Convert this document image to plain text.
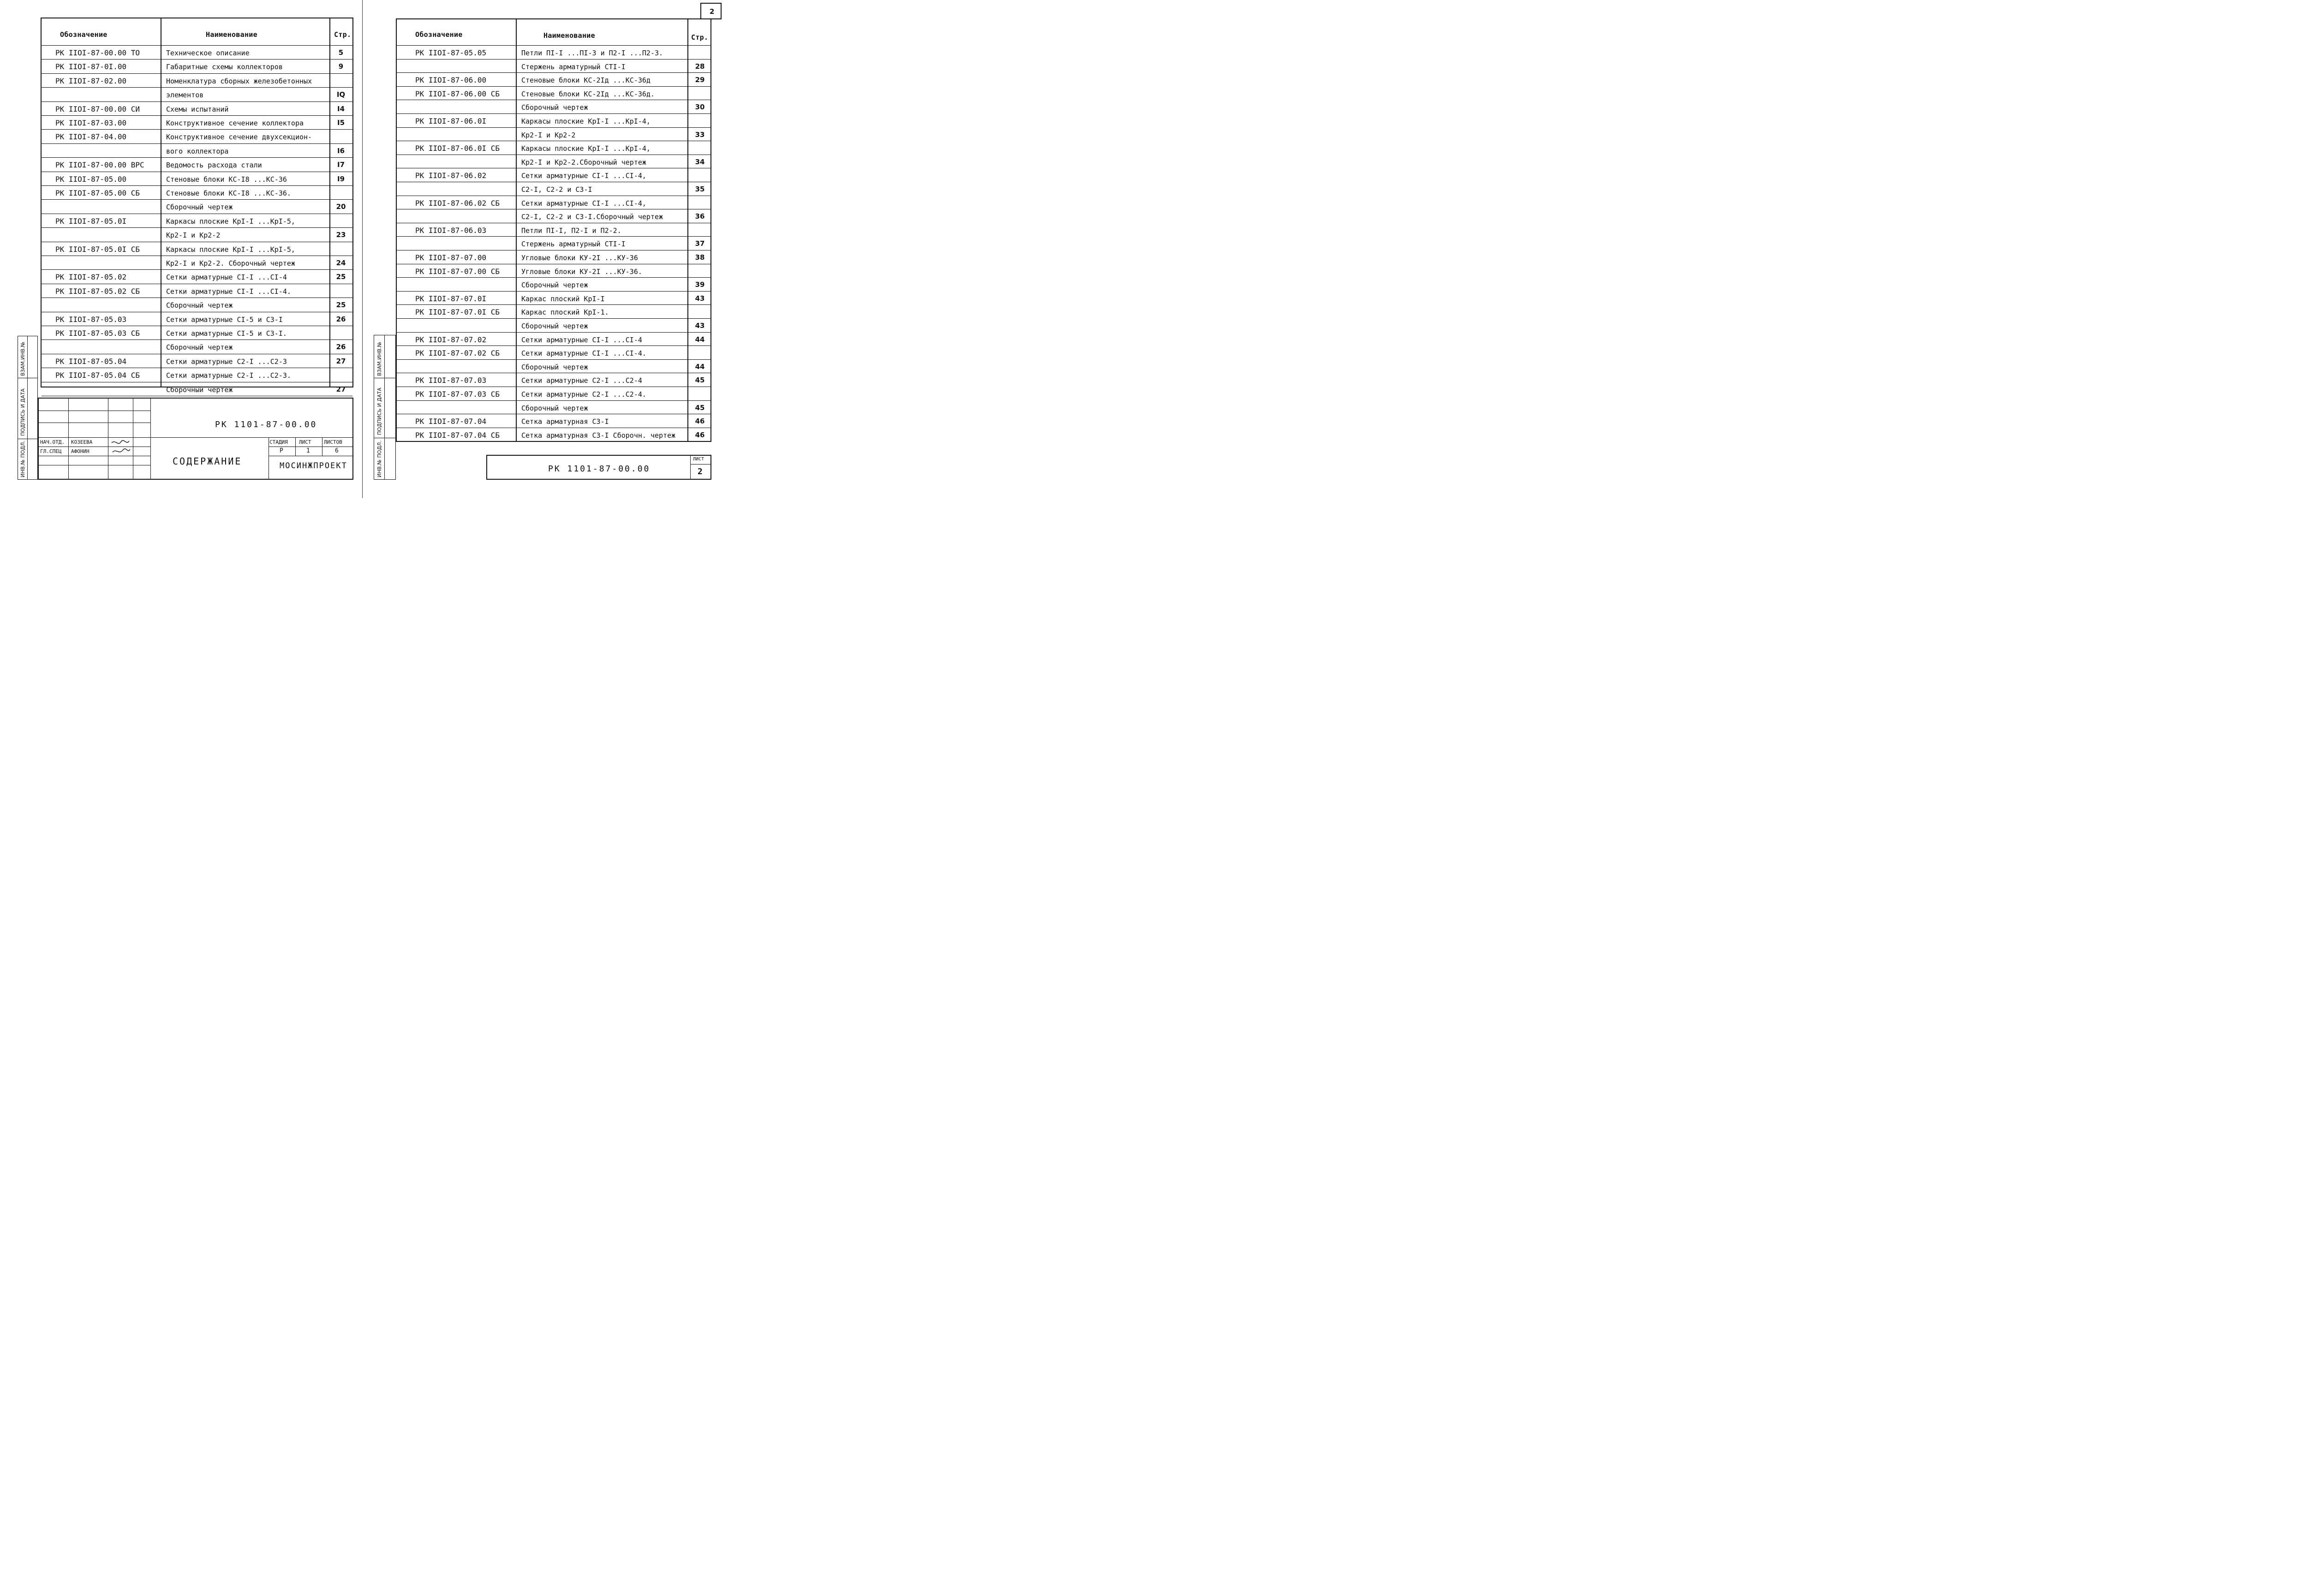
Обозначение	Наименование	Стр.
РК IIOI-87-00.00 ТО	Техническое описание	5
РК IIOI-87-0I.00	Габаритные схемы коллекторов	9
РК IIOI-87-02.00	Номенклатура сборных железобетонных
элементов	IQ
РК IIOI-87-00.00 СИ	Схемы испытаний	I4
РК IIOI-87-03.00	Конструктивное сечение коллектора	I5
РК IIOI-87-04.00	Конструктивное сечение двухсекцион-
вого коллектора	I6
РК IIOI-87-00.00 ВРС	Ведомость расхода стали	I7
РК IIOI-87-05.00	Стеновые блоки КС-I8 ...КС-36	I9
РК IIOI-87-05.00 СБ	Стеновые блоки КС-I8 ...КС-36.
Сборочный чертеж	20
РК IIOI-87-05.0I	Каркасы плоские КрI-I ...КрI-5,
Кр2-I и Кр2-2	23
РК IIOI-87-05.0I СБ	Каркасы плоские КрI-I ...КрI-5,
Кр2-I и Кр2-2. Сборочный чертеж	24
РК IIOI-87-05.02	Сетки арматурные СI-I ...СI-4	25
РК IIOI-87-05.02 СБ	Сетки арматурные СI-I ...СI-4.
Сборочный чертеж	25
РК IIOI-87-05.03	Сетки арматурные СI-5 и С3-I	26
РК IIOI-87-05.03 СБ	Сетки арматурные СI-5 и С3-I.
Сборочный чертеж	26
РК IIOI-87-05.04	Сетки арматурные С2-I ...С2-3	27
РК IIOI-87-05.04 СБ	Сетки арматурные С2-I ...С2-3.
Сборочный чертеж	27
ВЗАМ.ИНВ.№
ПОДПИСЬ И ДАТА
ИНВ.№ ПОДЛ.
РК 1101-87-00.00
НАЧ.ОТД. КОЗЕЕВА
ГЛ.СПЕЦ АФОНИН
СОДЕРЖАНИЕ
СТАДИЯ ЛИСТ	ЛИСТОВ
Р	1	6
МОСИНЖПРОЕКТ
2
Обозначение	Наименование	Стр.
РК IIOI-87-05.05	Петли ПI-I ...ПI-3 и П2-I ...П2-3.
Стержень арматурный СТI-I	28
РК IIOI-87-06.00	Стеновые блоки КС-2Iд ...КС-36д	29
РК IIOI-87-06.00 СБ	Стеновые блоки КС-2Iд ...КС-36д.
Сборочный чертеж	30
РК IIOI-87-06.0I	Каркасы плоские КрI-I ...КрI-4,
Кр2-I и Кр2-2	33
РК IIOI-87-06.0I СБ	Каркасы плоские КрI-I ...КрI-4,
Кр2-I и Кр2-2.Сборочный чертеж	34
РК IIOI-87-06.02	Сетки арматурные СI-I ...СI-4,
С2-I, С2-2 и С3-I	35
РК IIOI-87-06.02 СБ	Сетки арматурные СI-I ...СI-4,
С2-I, С2-2 и С3-I.Сборочный чертеж	36
РК IIOI-87-06.03	Петли ПI-I, П2-I и П2-2.
Стержень арматурный СТI-I	37
РК IIOI-87-07.00	Угловые блоки КУ-2I ...КУ-36	38
РК IIOI-87-07.00 СБ	Угловые блоки КУ-2I ...КУ-36.
Сборочный чертеж	39
РК IIOI-87-07.0I	Каркас плоский КрI-I	43
РК IIOI-87-07.0I СБ	Каркас плоский КрI-1.
Сборочный чертеж	43
РК IIOI-87-07.02	Сетки арматурные СI-I ...СI-4	44
РК IIOI-87-07.02 СБ	Сетки арматурные СI-I ...СI-4.
Сборочный чертеж	44
РК IIOI-87-07.03	Сетки арматурные С2-I ...С2-4	45
РК IIOI-87-07.03 СБ	Сетки арматурные С2-I ...С2-4.
Сборочный чертеж	45
РК IIOI-87-07.04	Сетка арматурная С3-I	46
РК IIOI-87-07.04 СБ	Сетка арматурная С3-I Сборочн. чертеж	46
ВЗАМ.ИНВ.№
ПОДПИСЬ И ДАТА
ИНВ.№ ПОДЛ.	РК 1101-87-00.00
ЛИСТ
2
